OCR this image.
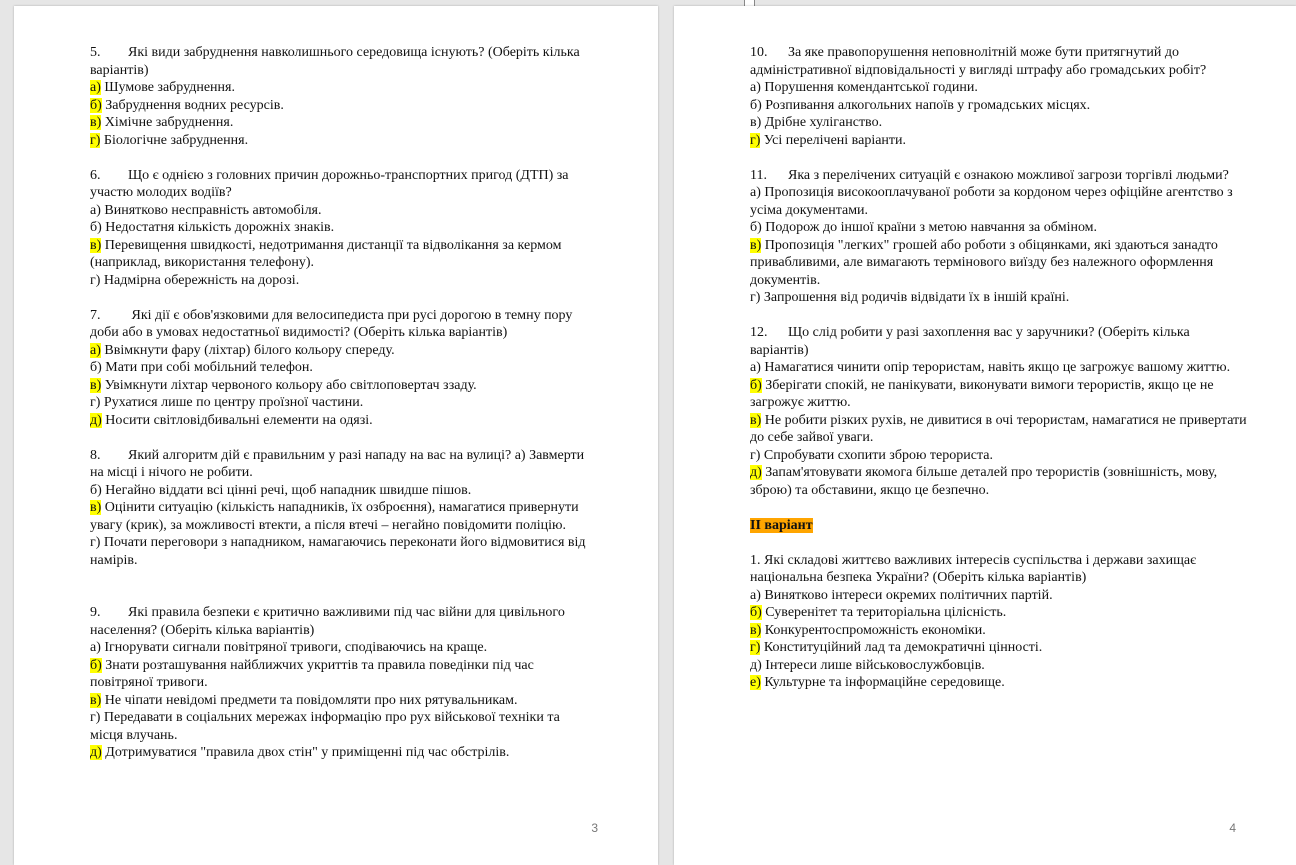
5. Які види забруднення навколишнього середовища існують? (Оберіть кілька варіантів)
а) Шумове забруднення.
б) Забруднення водних ресурсів.
в) Хімічне забруднення.
г) Біологічне забруднення.
6. Що є однією з головних причин дорожньо-транспортних пригод (ДТП) за участю молодих водіїв?
а) Винятково несправність автомобіля.
б) Недостатня кількість дорожніх знаків.
в) Перевищення швидкості, недотримання дистанції та відволікання за кермом (наприклад, використання телефону).
г) Надмірна обережність на дорозі.
7. Які дії є обов'язковими для велосипедиста при русі дорогою в темну пору доби або в умовах недостатньої видимості? (Оберіть кілька варіантів)
а) Ввімкнути фару (ліхтар) білого кольору спереду.
б) Мати при собі мобільний телефон.
в) Увімкнути ліхтар червоного кольору або світлоповертач ззаду.
г) Рухатися лише по центру проїзної частини.
д) Носити світловідбивальні елементи на одязі.
8. Який алгоритм дій є правильним у разі нападу на вас на вулиці? а) Завмерти на місці і нічого не робити.
б) Негайно віддати всі цінні речі, щоб нападник швидше пішов.
в) Оцінити ситуацію (кількість нападників, їх озброєння), намагатися привернути увагу (крик), за можливості втекти, а після втечі – негайно повідомити поліцію.
г) Почати переговори з нападником, намагаючись переконати його відмовитися від намірів.
9. Які правила безпеки є критично важливими під час війни для цивільного населення? (Оберіть кілька варіантів)
а) Ігнорувати сигнали повітряної тривоги, сподіваючись на краще.
б) Знати розташування найближчих укриттів та правила поведінки під час повітряної тривоги.
в) Не чіпати невідомі предмети та повідомляти про них рятувальникам.
г) Передавати в соціальних мережах інформацію про рух військової техніки та місця влучань.
д) Дотримуватися "правила двох стін" у приміщенні під час обстрілів.
3
10. За яке правопорушення неповнолітній може бути притягнутий до адміністративної відповідальності у вигляді штрафу або громадських робіт?
а) Порушення комендантської години.
б) Розпивання алкогольних напоїв у громадських місцях.
в) Дрібне хуліганство.
г) Усі перелічені варіанти.
11. Яка з перелічених ситуацій є ознакою можливої загрози торгівлі людьми?
а) Пропозиція високооплачуваної роботи за кордоном через офіційне агентство з усіма документами.
б) Подорож до іншої країни з метою навчання за обміном.
в) Пропозиція "легких" грошей або роботи з обіцянками, які здаються занадто привабливими, але вимагають термінового виїзду без належного оформлення документів.
г) Запрошення від родичів відвідати їх в іншій країні.
12. Що слід робити у разі захоплення вас у заручники? (Оберіть кілька варіантів)
а) Намагатися чинити опір терористам, навіть якщо це загрожує вашому життю.
б) Зберігати спокій, не панікувати, виконувати вимоги терористів, якщо це не загрожує життю.
в) Не робити різких рухів, не дивитися в очі терористам, намагатися не привертати до себе зайвої уваги.
г) Спробувати схопити зброю терориста.
д) Запам'ятовувати якомога більше деталей про терористів (зовнішність, мову, зброю) та обставини, якщо це безпечно.
ІІ варіант
1. Які складові життєво важливих інтересів суспільства і держави захищає національна безпека України? (Оберіть кілька варіантів)
а) Винятково інтереси окремих політичних партій.
б) Суверенітет та територіальна цілісність.
в) Конкурентоспроможність економіки.
г) Конституційний лад та демократичні цінності.
д) Інтереси лише військовослужбовців.
е) Культурне та інформаційне середовище.
4
